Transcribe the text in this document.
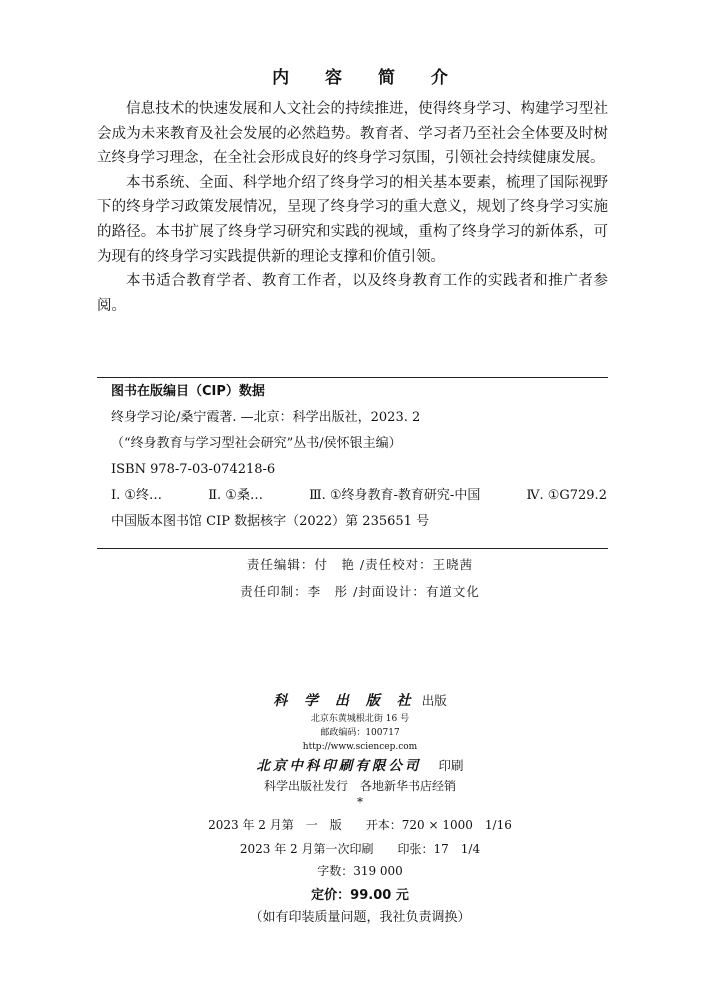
内 容 简 介

信息技术的快速发展和人文社会的持续推进，使得终身学习、构建学习型社会成为未来教育及社会发展的必然趋势。教育者、学习者乃至社会全体要及时树立终身学习理念，在全社会形成良好的终身学习氛围，引领社会持续健康发展。

本书系统、全面、科学地介绍了终身学习的相关基本要素，梳理了国际视野下的终身学习政策发展情况，呈现了终身学习的重大意义，规划了终身学习实施的路径。本书扩展了终身学习研究和实践的视域，重构了终身学习的新体系，可为现有的终身学习实践提供新的理论支撑和价值引领。

本书适合教育学者、教育工作者，以及终身教育工作的实践者和推广者参阅。

图书在版编目（CIP）数据
终身学习论/桑宁霞著. —北京：科学出版社，2023. 2
（“终身教育与学习型社会研究”丛书/侯怀银主编）
ISBN 978-7-03-074218-6
Ⅰ. ①终…	Ⅱ. ①桑…	Ⅲ. ①终身教育-教育研究-中国	Ⅳ. ①G729.2
中国版本图书馆 CIP 数据核字（2022）第 235651 号
责任编辑：付　艳 /责任校对：王晓茜
责任印制：李　彤 /封面设计：有道文化
科 学 出 版 社 出版
北京东黄城根北街 16 号
邮政编码：100717
http://www.sciencep.com
北京中科印刷有限公司 印刷
科学出版社发行　各地新华书店经销
*
2023 年 2 月第　一　版　　开本：720 × 1000　1/16
2023 年 2 月第一次印刷　　印张：17　1/4
字数：319 000
定价：99.00 元
（如有印装质量问题，我社负责调换）
